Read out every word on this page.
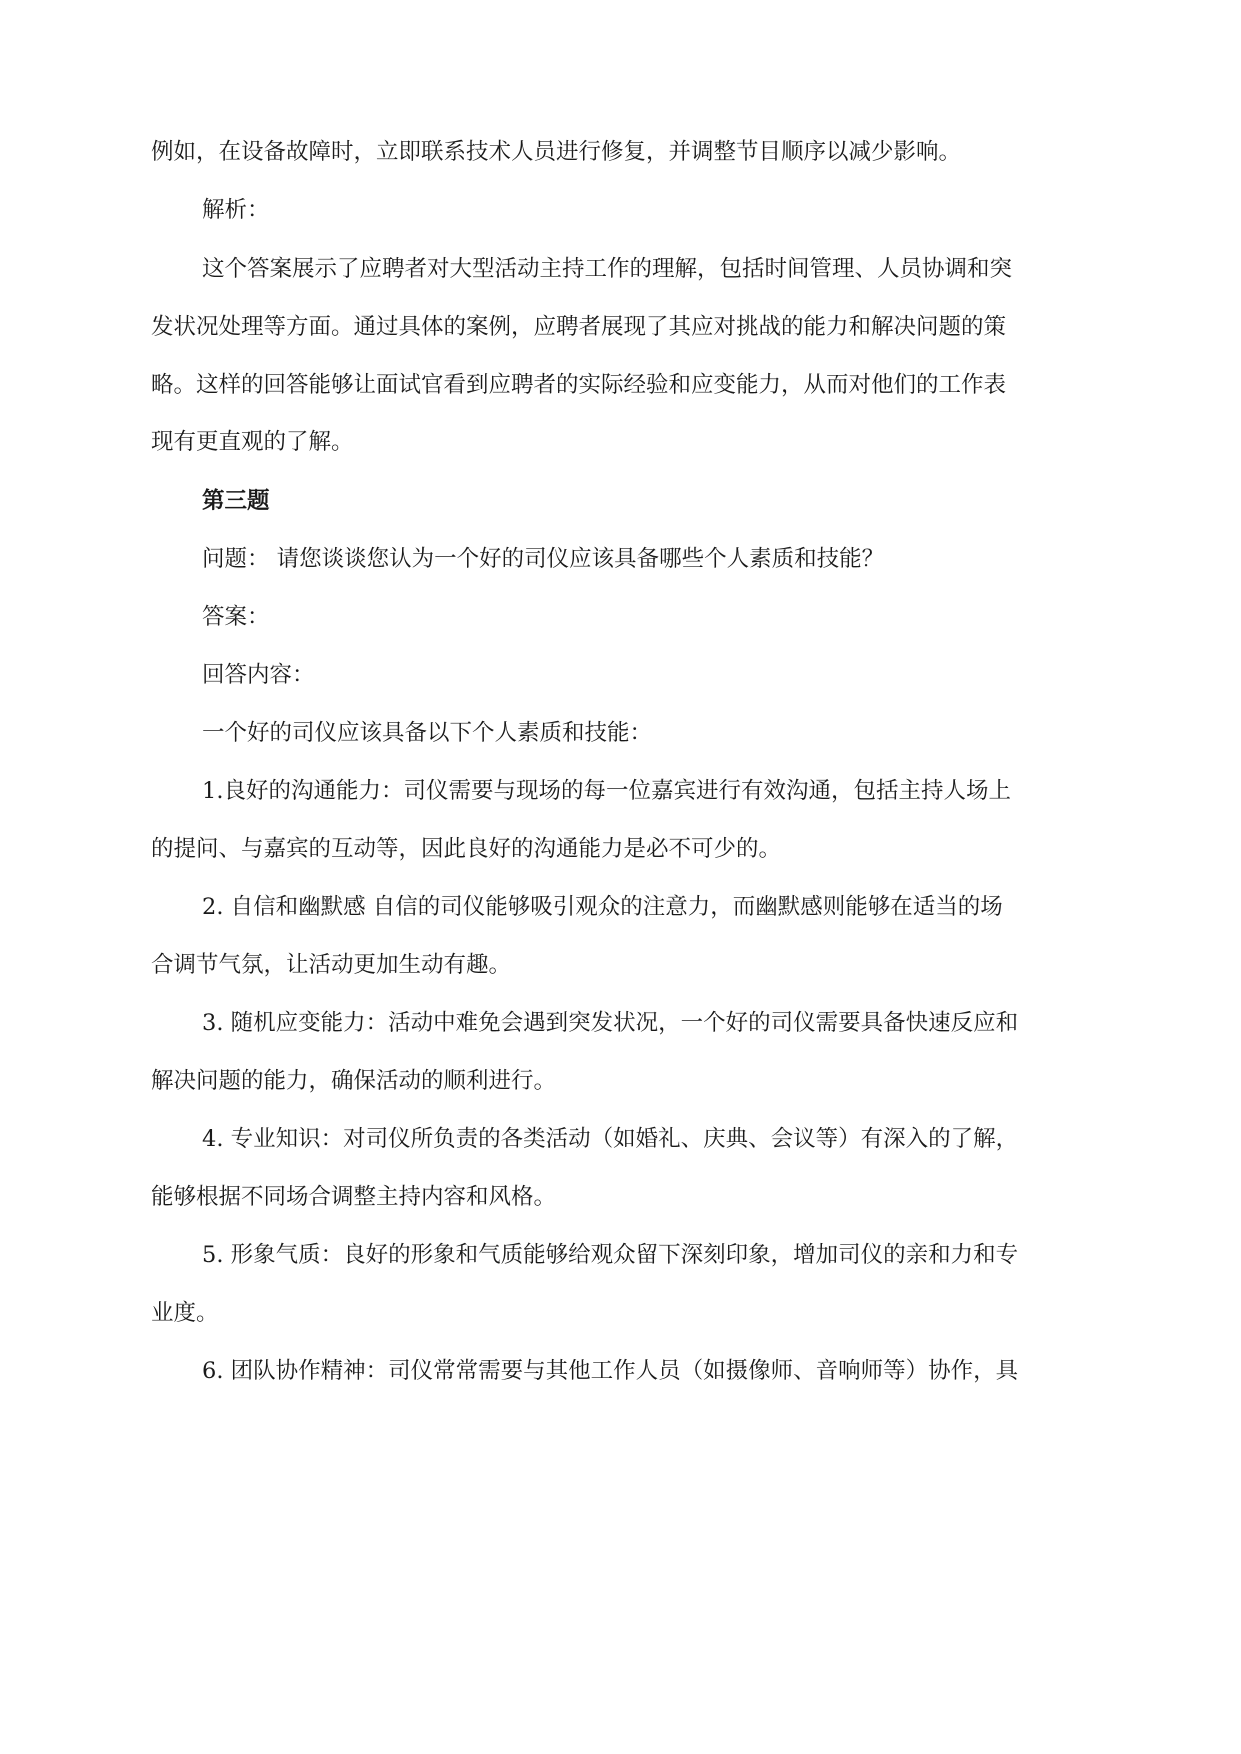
例如，在设备故障时，立即联系技术人员进行修复，并调整节目顺序以减少影响。

解析：

这个答案展示了应聘者对大型活动主持工作的理解，包括时间管理、人员协调和突

发状况处理等方面。通过具体的案例，应聘者展现了其应对挑战的能力和解决问题的策

略。这样的回答能够让面试官看到应聘者的实际经验和应变能力，从而对他们的工作表

现有更直观的了解。

第三题

问题： 请您谈谈您认为一个好的司仪应该具备哪些个人素质和技能？

答案：

回答内容：

一个好的司仪应该具备以下个人素质和技能：

1.良好的沟通能力：司仪需要与现场的每一位嘉宾进行有效沟通，包括主持人场上

的提问、与嘉宾的互动等，因此良好的沟通能力是必不可少的。

2. 自信和幽默感 自信的司仪能够吸引观众的注意力，而幽默感则能够在适当的场

合调节气氛，让活动更加生动有趣。

3. 随机应变能力：活动中难免会遇到突发状况，一个好的司仪需要具备快速反应和

解决问题的能力，确保活动的顺利进行。

4. 专业知识：对司仪所负责的各类活动（如婚礼、庆典、会议等）有深入的了解，

能够根据不同场合调整主持内容和风格。

5. 形象气质：良好的形象和气质能够给观众留下深刻印象，增加司仪的亲和力和专

业度。

6. 团队协作精神：司仪常常需要与其他工作人员（如摄像师、音响师等）协作，具
